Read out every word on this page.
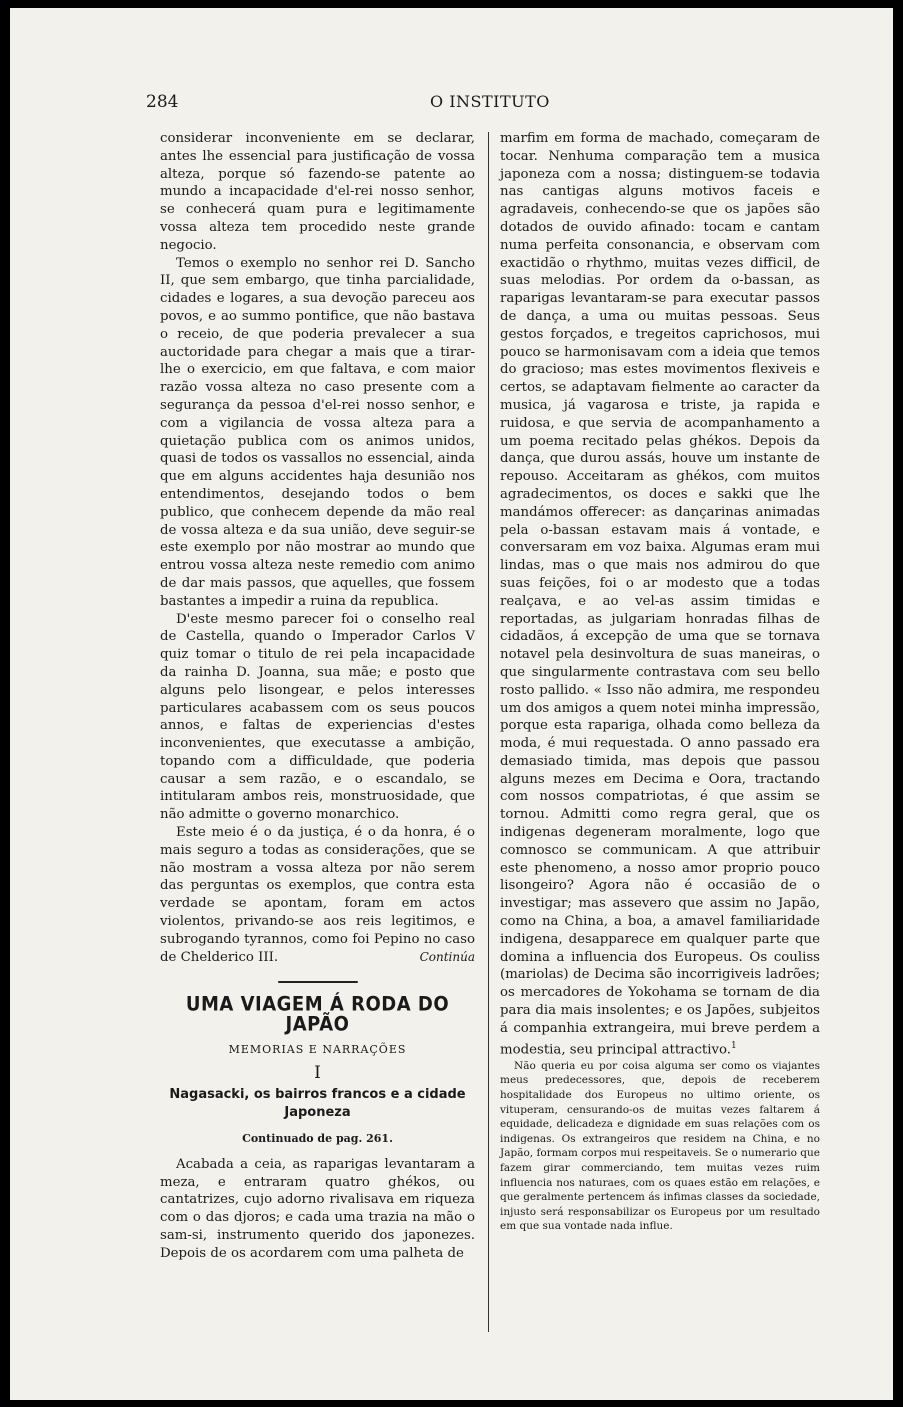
284	O INSTITUTO

considerar inconveniente em se declarar, antes lhe essencial para justificação de vossa alteza, porque só fazendo-se patente ao mundo a incapacidade d'el-rei nosso senhor, se conhecerá quam pura e legitimamente vossa alteza tem procedido neste grande negocio.

Temos o exemplo no senhor rei D. Sancho II, que sem embargo, que tinha parcialidade, cidades e logares, a sua devoção pareceu aos povos, e ao summo pontifice, que não bastava o receio, de que poderia prevalecer a sua auctoridade para chegar a mais que a tirar-lhe o exercicio, em que faltava, e com maior razão vossa alteza no caso presente com a segurança da pessoa d'el-rei nosso senhor, e com a vigilancia de vossa alteza para a quietação publica com os animos unidos, quasi de todos os vassallos no essencial, ainda que em alguns accidentes haja desunião nos entendimentos, desejando todos o bem publico, que conhecem depende da mão real de vossa alteza e da sua união, deve seguir-se este exemplo por não mostrar ao mundo que entrou vossa alteza neste remedio com animo de dar mais passos, que aquelles, que fossem bastantes a impedir a ruina da republica.

D'este mesmo parecer foi o conselho real de Castella, quando o Imperador Carlos V quiz tomar o titulo de rei pela incapacidade da rainha D. Joanna, sua mãe; e posto que alguns pelo lisongear, e pelos interesses particulares acabassem com os seus poucos annos, e faltas de experiencias d'estes inconvenientes, que executasse a ambição, topando com a difficuldade, que poderia causar a sem razão, e o escandalo, se intitularam ambos reis, monstruosidade, que não admitte o governo monarchico.

Este meio é o da justiça, é o da honra, é o mais seguro a todas as considerações, que se não mostram a vossa alteza por não serem das perguntas os exemplos, que contra esta verdade se apontam, foram em actos violentos, privando-se aos reis legitimos, e subrogando tyrannos, como foi Pepino no caso de Chelderico III.	Continúa
UMA VIAGEM Á RODA DO JAPÃO
MEMORIAS E NARRAÇÕES
I
Nagasacki, os bairros francos e a cidade Japoneza
Continuado de pag. 261.

Acabada a ceia, as raparigas levantaram a meza, e entraram quatro ghékos, ou cantatrizes, cujo adorno rivalisava em riqueza com o das djoros; e cada uma trazia na mão o sam-si, instrumento querido dos japonezes. Depois de os acordarem com uma palheta de

marfim em forma de machado, começaram de tocar. Nenhuma comparação tem a musica japoneza com a nossa; distinguem-se todavia nas cantigas alguns motivos faceis e agradaveis, conhecendo-se que os japões são dotados de ouvido afinado: tocam e cantam numa perfeita consonancia, e observam com exactidão o rhythmo, muitas vezes difficil, de suas melodias. Por ordem da o-bassan, as raparigas levantaram-se para executar passos de dança, a uma ou muitas pessoas. Seus gestos forçados, e tregeitos caprichosos, mui pouco se harmonisavam com a ideia que temos do gracioso; mas estes movimentos flexiveis e certos, se adaptavam fielmente ao caracter da musica, já vagarosa e triste, ja rapida e ruidosa, e que servia de acompanhamento a um poema recitado pelas ghékos. Depois da dança, que durou assás, houve um instante de repouso. Acceitaram as ghékos, com muitos agradecimentos, os doces e sakki que lhe mandámos offerecer: as dançarinas animadas pela o-bassan estavam mais á vontade, e conversaram em voz baixa. Algumas eram mui lindas, mas o que mais nos admirou do que suas feições, foi o ar modesto que a todas realçava, e ao vel-as assim timidas e reportadas, as julgariam honradas filhas de cidadãos, á excepção de uma que se tornava notavel pela desinvoltura de suas maneiras, o que singularmente contrastava com seu bello rosto pallido. « Isso não admira, me respondeu um dos amigos a quem notei minha impressão, porque esta rapariga, olhada como belleza da moda, é mui requestada. O anno passado era demasiado timida, mas depois que passou alguns mezes em Decima e Oora, tractando com nossos compatriotas, é que assim se tornou. Admitti como regra geral, que os indigenas degeneram moralmente, logo que comnosco se communicam. A que attribuir este phenomeno, a nosso amor proprio pouco lisongeiro? Agora não é occasião de o investigar; mas assevero que assim no Japão, como na China, a boa, a amavel familiaridade indigena, desapparece em qualquer parte que domina a influencia dos Europeus. Os couliss (mariolas) de Decima são incorrigiveis ladrões; os mercadores de Yokohama se tornam de dia para dia mais insolentes; e os Japões, subjeitos á companhia extrangeira, mui breve perdem a modestia, seu principal attractivo.$^1$

Não queria eu por coisa alguma ser como os viajantes meus predecessores, que, depois de receberem hospitalidade dos Europeus no ultimo oriente, os vituperam, censurando-os de muitas vezes faltarem á equidade, delicadeza e dignidade em suas relações com os indigenas. Os extrangeiros que residem na China, e no Japão, formam corpos mui respeitaveis. Se o numerario que fazem girar commerciando, tem muitas vezes ruim influencia nos naturaes, com os quaes estão em relações, e que geralmente pertencem ás infimas classes da sociedade, injusto será responsabilizar os Europeus por um resultado em que sua vontade nada influe.
